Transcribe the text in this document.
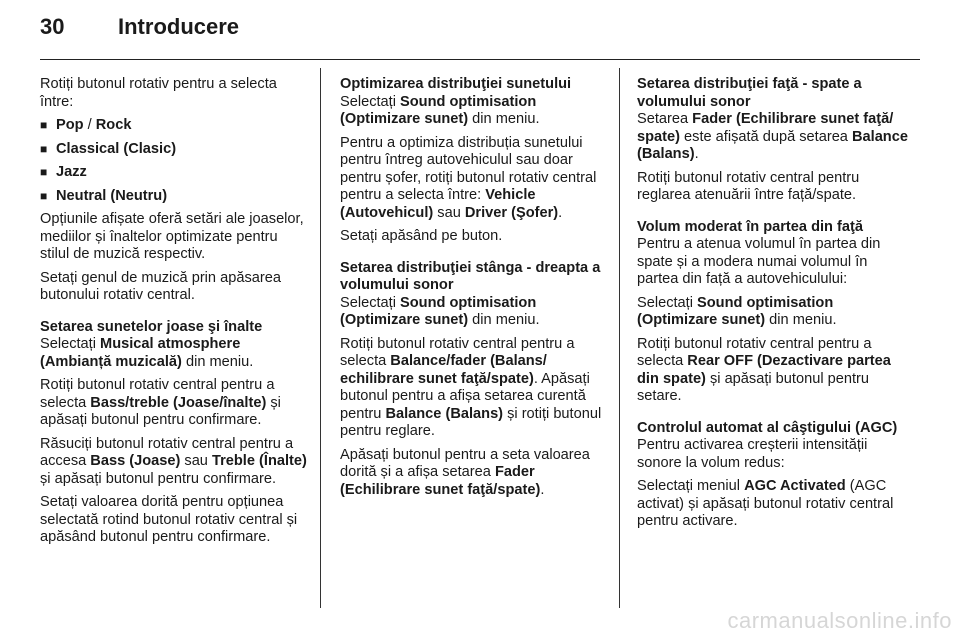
30 Introducere

Rotiți butonul rotativ pentru a selecta între:

■ Pop / Rock
■ Classical (Clasic)
■ Jazz
■ Neutral (Neutru)

Opțiunile afișate oferă setări ale joaselor, mediilor și înaltelor optimizate pentru stilul de muzică respectiv.

Setați genul de muzică prin apăsarea butonului rotativ central.

Setarea sunetelor joase şi înalte

Selectați Musical atmosphere (Ambianță muzicală) din meniu.

Rotiți butonul rotativ central pentru a selecta Bass/treble (Joase/înalte) și apăsați butonul pentru confirmare.

Răsuciți butonul rotativ central pentru a accesa Bass (Joase) sau Treble (Înalte) și apăsați butonul pentru confirmare.

Setați valoarea dorită pentru opțiunea selectată rotind butonul rotativ central și apăsând butonul pentru confirmare.

Optimizarea distribuţiei sunetului

Selectați Sound optimisation (Optimizare sunet) din meniu.

Pentru a optimiza distribuția sunetului pentru întreg autovehiculul sau doar pentru șofer, rotiți butonul rotativ central pentru a selecta între: Vehicle (Autovehicul) sau Driver (Şofer).

Setați apăsând pe buton.

Setarea distribuţiei stânga - dreapta a volumului sonor

Selectați Sound optimisation (Optimizare sunet) din meniu.

Rotiți butonul rotativ central pentru a selecta Balance/fader (Balans/ echilibrare sunet faţă/spate). Apăsați butonul pentru a afișa setarea curentă pentru Balance (Balans) și rotiți butonul pentru reglare.

Apăsați butonul pentru a seta valoarea dorită și a afișa setarea Fader (Echilibrare sunet faţă/spate).

Setarea distribuţiei faţă - spate a volumului sonor

Setarea Fader (Echilibrare sunet faţă/ spate) este afișată după setarea Balance (Balans).

Rotiți butonul rotativ central pentru reglarea atenuării între față/spate.

Volum moderat în partea din faţă

Pentru a atenua volumul în partea din spate și a modera numai volumul în partea din față a autovehiculului:

Selectați Sound optimisation (Optimizare sunet) din meniu.

Rotiți butonul rotativ central pentru a selecta Rear OFF (Dezactivare partea din spate) și apăsați butonul pentru setare.

Controlul automat al câştigului (AGC)

Pentru activarea creșterii intensității sonore la volum redus:

Selectați meniul AGC Activated (AGC activat) și apăsați butonul rotativ central pentru activare.

carmanualsonline.info
